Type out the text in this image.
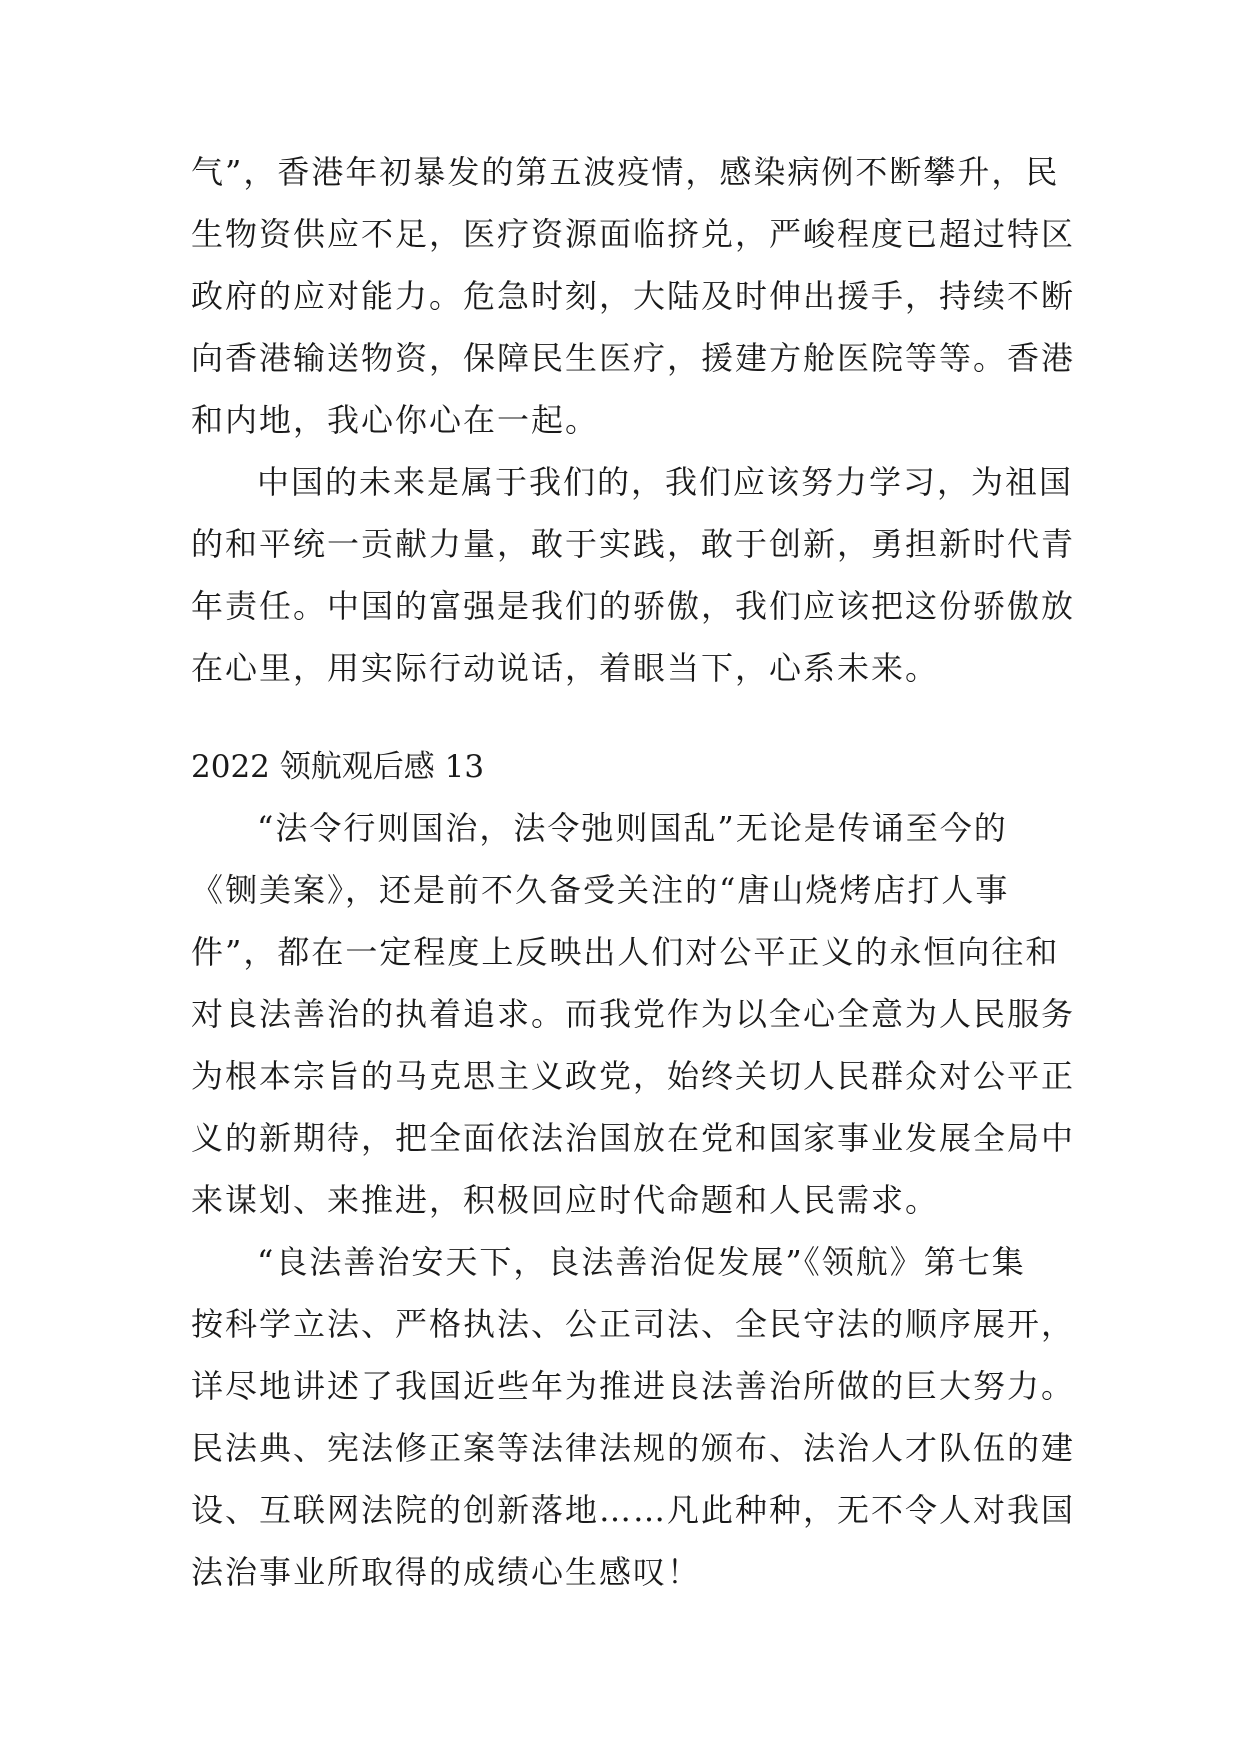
气”，香港年初暴发的第五波疫情，感染病例不断攀升，民
生物资供应不足，医疗资源面临挤兑，严峻程度已超过特区
政府的应对能力。危急时刻，大陆及时伸出援手，持续不断
向香港输送物资，保障民生医疗，援建方舱医院等等。香港
和内地，我心你心在一起。
中国的未来是属于我们的，我们应该努力学习，为祖国
的和平统一贡献力量，敢于实践，敢于创新，勇担新时代青
年责任。中国的富强是我们的骄傲，我们应该把这份骄傲放
在心里，用实际行动说话，着眼当下，心系未来。
2022 领航观后感 13
“法令行则国治，法令弛则国乱”无论是传诵至今的
《铡美案》，还是前不久备受关注的“唐山烧烤店打人事
件”，都在一定程度上反映出人们对公平正义的永恒向往和
对良法善治的执着追求。而我党作为以全心全意为人民服务
为根本宗旨的马克思主义政党，始终关切人民群众对公平正
义的新期待，把全面依法治国放在党和国家事业发展全局中
来谋划、来推进，积极回应时代命题和人民需求。
“良法善治安天下，良法善治促发展”《领航》第七集
按科学立法、严格执法、公正司法、全民守法的顺序展开，
详尽地讲述了我国近些年为推进良法善治所做的巨大努力。
民法典、宪法修正案等法律法规的颁布、法治人才队伍的建
设、互联网法院的创新落地……凡此种种，无不令人对我国
法治事业所取得的成绩心生感叹！
